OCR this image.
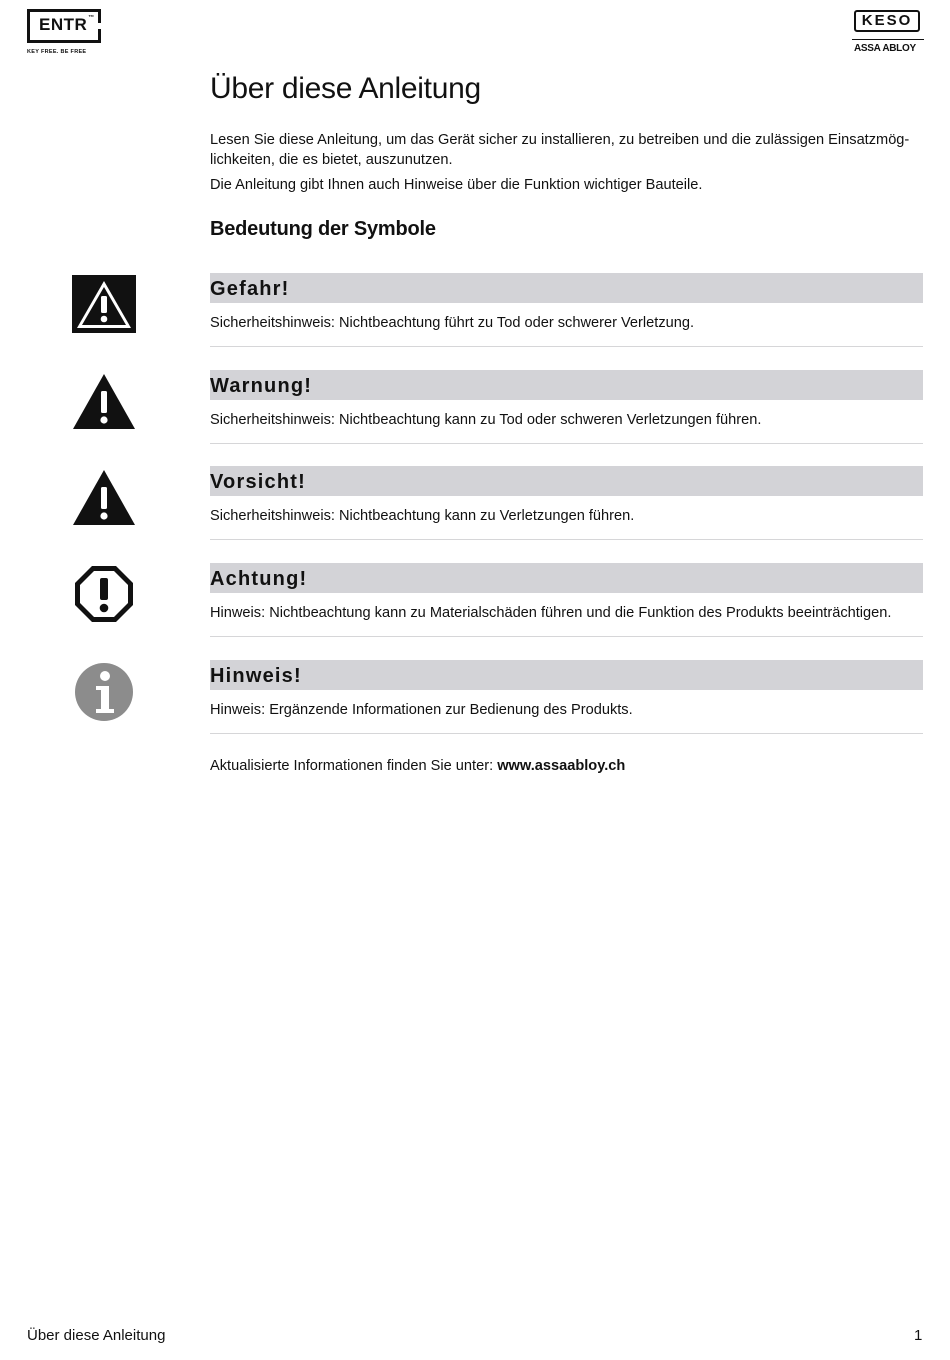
ENTR™
KEY FREE. BE FREE
KESO
ASSA ABLOY
Über diese Anleitung

Lesen Sie diese Anleitung, um das Gerät sicher zu installieren, zu betreiben und die zulässigen Einsatzmög-lichkeiten, die es bietet, auszunutzen.

Die Anleitung gibt Ihnen auch Hinweise über die Funktion wichtiger Bauteile.

Bedeutung der Symbole
Gefahr!
Sicherheitshinweis: Nichtbeachtung führt zu Tod oder schwerer Verletzung.
Warnung!
Sicherheitshinweis: Nichtbeachtung kann zu Tod oder schweren Verletzungen führen.
Vorsicht!
Sicherheitshinweis: Nichtbeachtung kann zu Verletzungen führen.
Achtung!
Hinweis: Nichtbeachtung kann zu Materialschäden führen und die Funktion des Produkts beeinträchtigen.
Hinweis!
Hinweis: Ergänzende Informationen zur Bedienung des Produkts.
Aktualisierte Informationen finden Sie unter: www.assaabloy.ch
Über diese Anleitung	1
